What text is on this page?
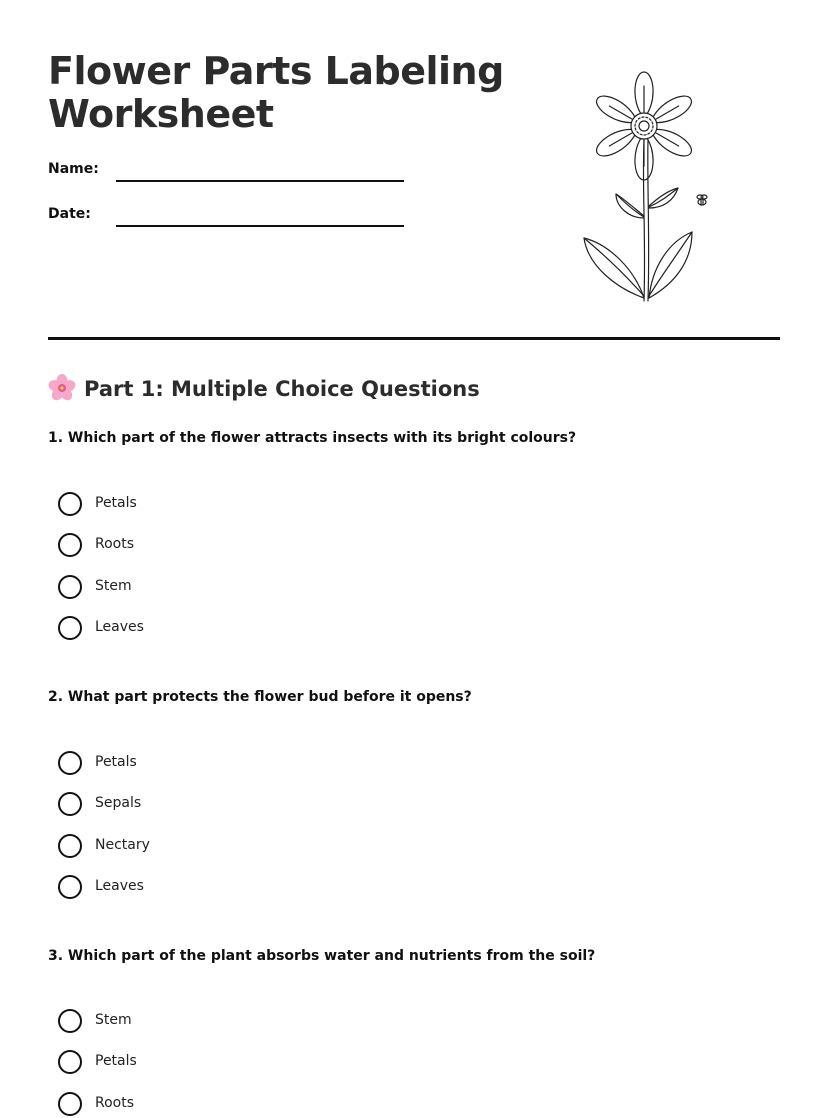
Flower Parts Labeling
Worksheet
Name:
Date:
Part 1: Multiple Choice Questions

1. Which part of the flower attracts insects with its bright colours?

Petals
Roots
Stem
Leaves

2. What part protects the flower bud before it opens?

Petals
Sepals
Nectary
Leaves

3. Which part of the plant absorbs water and nutrients from the soil?

Stem
Petals
Roots
